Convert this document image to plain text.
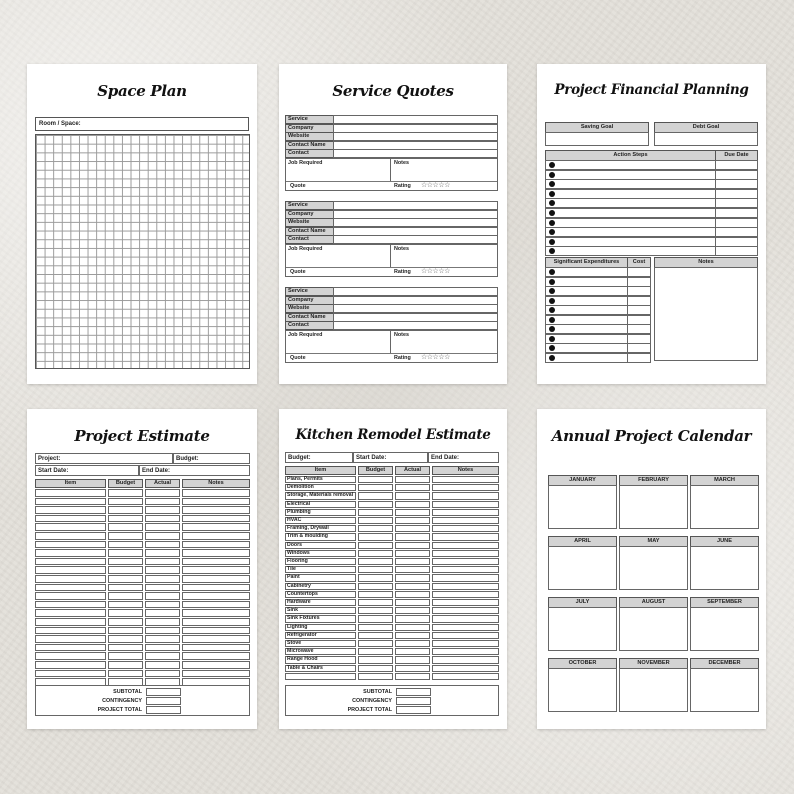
Space Plan
Room / Space:
Service Quotes
Service
Company
Website
Contact Name
Contact
Job Required	Notes
Quote	Rating ☆☆☆☆☆
Service
Company
Website
Contact Name
Contact
Job Required	Notes
Quote	Rating ☆☆☆☆☆
Service
Company
Website
Contact Name
Contact
Job Required	Notes
Quote	Rating ☆☆☆☆☆
Project Financial Planning
Saving Goal	Debt Goal
Action Steps	Due Date
Significant Expenditures	Cost	Notes
Project Estimate
Project:	Budget:
Start Date:	End Date:
Item	Budget	Actual	Notes
SUBTOTAL
CONTINGENCY
PROJECT TOTAL
Kitchen Remodel Estimate
Budget:	Start Date:	End Date:
Item	Budget	Actual	Notes
Plans, Permits
Demolition
Storage, Materials removal
Electrical
Plumbing
HVAC
Framing, Drywall
Trim & moulding
Doors
Windows
Flooring
Tile
Paint
Cabinetry
Countertops
Hardware
Sink
Sink Fixtures
Lighting
Refrigerator
Stove
Microwave
Range Hood
Table & Chairs
SUBTOTAL
CONTINGENCY
PROJECT TOTAL
Annual Project Calendar
JANUARY	FEBRUARY	MARCH
APRIL	MAY	JUNE
JULY	AUGUST	SEPTEMBER
OCTOBER	NOVEMBER	DECEMBER
